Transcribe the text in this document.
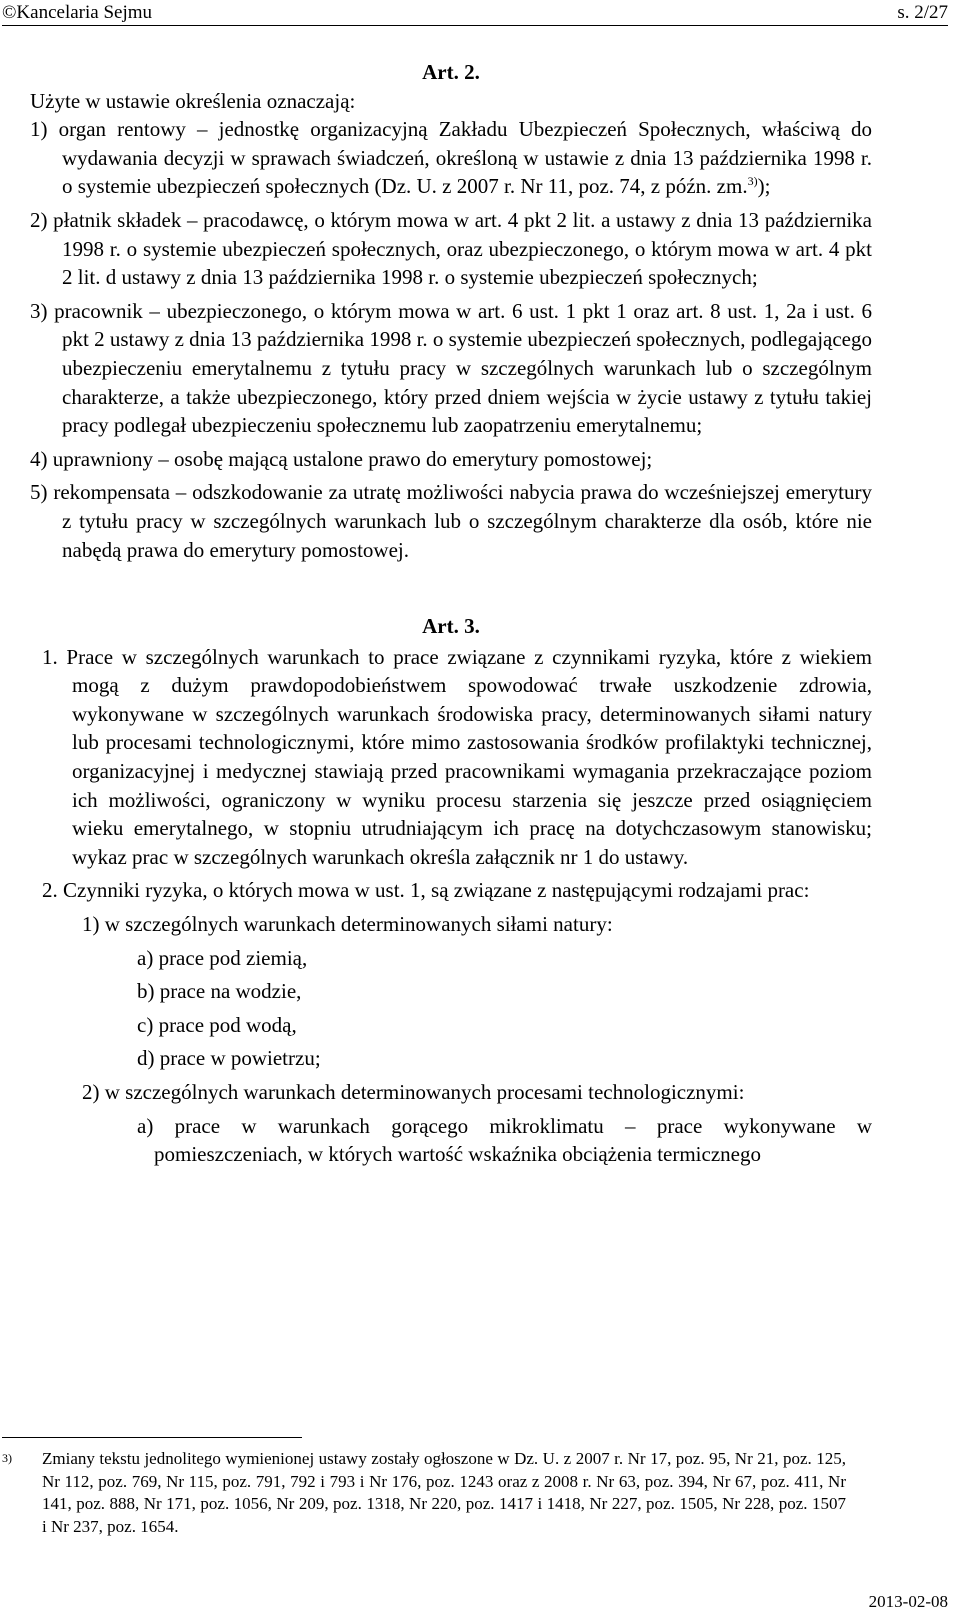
©Kancelaria Sejmu	s. 2/27
Art. 2.

Użyte w ustawie określenia oznaczają:

1) organ rentowy – jednostkę organizacyjną Zakładu Ubezpieczeń Społecznych, właściwą do wydawania decyzji w sprawach świadczeń, określoną w ustawie z dnia 13 października 1998 r. o systemie ubezpieczeń społecznych (Dz. U. z 2007 r. Nr 11, poz. 74, z późn. zm.$^{3)}$);

2) płatnik składek – pracodawcę, o którym mowa w art. 4 pkt 2 lit. a ustawy z dnia 13 października 1998 r. o systemie ubezpieczeń społecznych, oraz ubezpieczonego, o którym mowa w art. 4 pkt 2 lit. d ustawy z dnia 13 października 1998 r. o systemie ubezpieczeń społecznych;

3) pracownik – ubezpieczonego, o którym mowa w art. 6 ust. 1 pkt 1 oraz art. 8 ust. 1, 2a i ust. 6 pkt 2 ustawy z dnia 13 października 1998 r. o systemie ubezpieczeń społecznych, podlegającego ubezpieczeniu emerytalnemu z tytułu pracy w szczególnych warunkach lub o szczególnym charakterze, a także ubezpieczonego, który przed dniem wejścia w życie ustawy z tytułu takiej pracy podlegał ubezpieczeniu społecznemu lub zaopatrzeniu emerytalnemu;

4) uprawniony – osobę mającą ustalone prawo do emerytury pomostowej;

5) rekompensata – odszkodowanie za utratę możliwości nabycia prawa do wcześniejszej emerytury z tytułu pracy w szczególnych warunkach lub o szczególnym charakterze dla osób, które nie nabędą prawa do emerytury pomostowej.

Art. 3.

1. Prace w szczególnych warunkach to prace związane z czynnikami ryzyka, które z wiekiem mogą z dużym prawdopodobieństwem spowodować trwałe uszkodzenie zdrowia, wykonywane w szczególnych warunkach środowiska pracy, determinowanych siłami natury lub procesami technologicznymi, które mimo zastosowania środków profilaktyki technicznej, organizacyjnej i medycznej stawiają przed pracownikami wymagania przekraczające poziom ich możliwości, ograniczony w wyniku procesu starzenia się jeszcze przed osiągnięciem wieku emerytalnego, w stopniu utrudniającym ich pracę na dotychczasowym stanowisku; wykaz prac w szczególnych warunkach określa załącznik nr 1 do ustawy.

2. Czynniki ryzyka, o których mowa w ust. 1, są związane z następującymi rodzajami prac:

1) w szczególnych warunkach determinowanych siłami natury:

a) prace pod ziemią,

b) prace na wodzie,

c) prace pod wodą,

d) prace w powietrzu;

2) w szczególnych warunkach determinowanych procesami technologicznymi:

a) prace w warunkach gorącego mikroklimatu – prace wykonywane w pomieszczeniach, w których wartość wskaźnika obciążenia termicznego

3) Zmiany tekstu jednolitego wymienionej ustawy zostały ogłoszone w Dz. U. z 2007 r. Nr 17, poz. 95, Nr 21, poz. 125, Nr 112, poz. 769, Nr 115, poz. 791, 792 i 793 i Nr 176, poz. 1243 oraz z 2008 r. Nr 63, poz. 394, Nr 67, poz. 411, Nr 141, poz. 888, Nr 171, poz. 1056, Nr 209, poz. 1318, Nr 220, poz. 1417 i 1418, Nr 227, poz. 1505, Nr 228, poz. 1507 i Nr 237, poz. 1654.
2013-02-08
